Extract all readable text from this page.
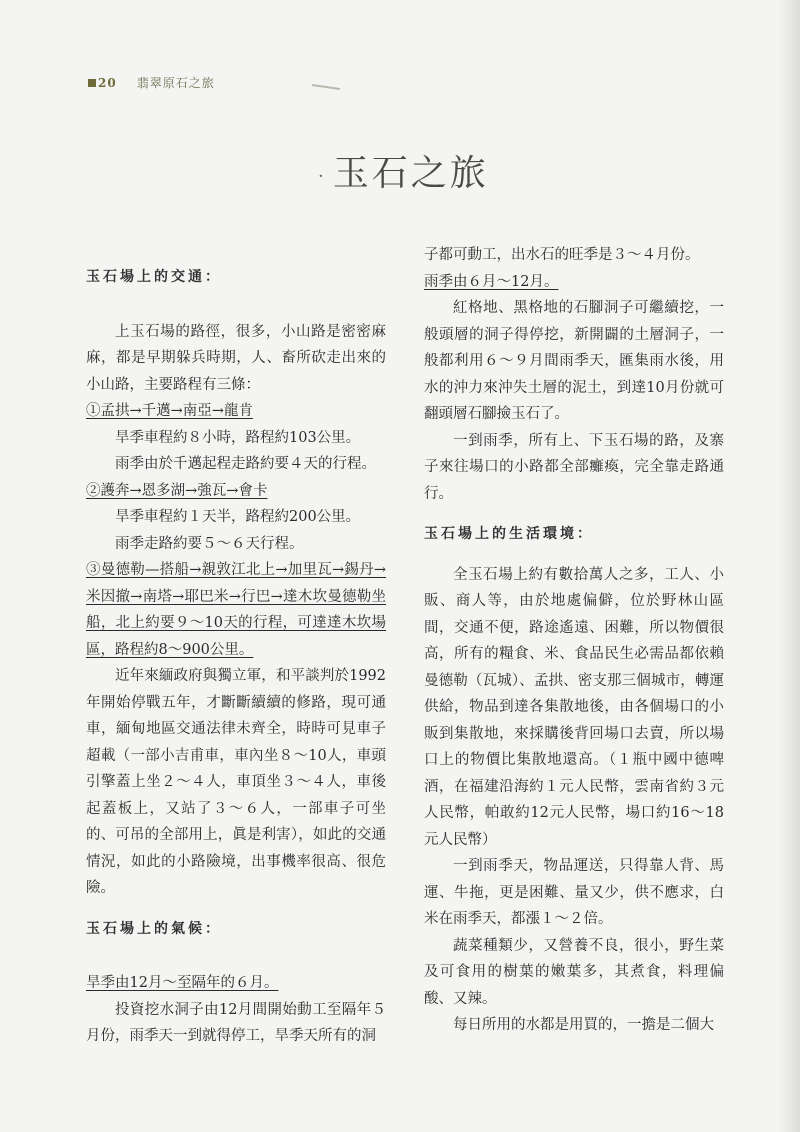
20 翡翠原石之旅
· 玉石之旅

玉石場上的交通：

上玉石場的路徑，很多，小山路是密密麻麻，都是早期躲兵時期，人、畜所砍走出來的小山路，主要路程有三條：

①孟拱→千邁→南亞→龍肯

旱季車程約８小時，路程約103公里。

雨季由於千邁起程走路約要４天的行程。

②護奔→恩多湖→強瓦→會卡

旱季車程約１天半，路程約200公里。

雨季走路約要５～６天行程。

③曼德勒—搭船→親敦江北上→加里瓦→錫丹→米因撤→南塔→耶巴米→行巴→達木坎曼德勒坐船，北上約要９～10天的行程，可達達木坎場區，路程約8～900公里。

近年來緬政府與獨立軍，和平談判於1992年開始停戰五年，才斷斷續續的修路，現可通車，緬甸地區交通法律未齊全，時時可見車子超載（一部小吉甫車，車內坐８～10人，車頭引擎蓋上坐２～４人，車頂坐３～４人，車後起蓋板上，又站了３～６人，一部車子可坐的、可吊的全部用上，眞是利害），如此的交通情況，如此的小路險境，出事機率很高、很危險。

玉石場上的氣候：

旱季由12月～至隔年的６月。

投資挖水洞子由12月間開始動工至隔年５月份，雨季天一到就得停工，旱季天所有的洞

子都可動工，出水石的旺季是３～４月份。

雨季由６月～12月。

紅格地、黑格地的石腳洞子可繼續挖，一般頭層的洞子得停挖，新開闢的土層洞子，一般都利用６～９月間雨季天，匯集雨水後，用水的沖力來沖失土層的泥土，到達10月份就可翻頭層石腳撿玉石了。

一到雨季，所有上、下玉石場的路，及寨子來往場口的小路都全部癱瘓，完全靠走路通行。

玉石場上的生活環境：

全玉石場上約有數拾萬人之多，工人、小販、商人等，由於地處偏僻，位於野林山區間，交通不便，路途遙遠、困難，所以物價很高，所有的糧食、米、食品民生必需品都依賴曼德勒（瓦城）、孟拱、密支那三個城市，轉運供給，物品到達各集散地後，由各個場口的小販到集散地，來採購後背回場口去賣，所以場口上的物價比集散地還高。（１瓶中國中德啤酒，在福建沿海約１元人民幣，雲南省約３元人民幣，帕敢約12元人民幣，場口約16～18元人民幣）

一到雨季天，物品運送，只得靠人背、馬運、牛拖，更是困難、量又少，供不應求，白米在雨季天，都漲１～２倍。

蔬菜種類少，又營養不良，很小，野生菜及可食用的樹葉的嫩葉多，其煮食，料理偏酸、又辣。

每日所用的水都是用買的，一擔是二個大
